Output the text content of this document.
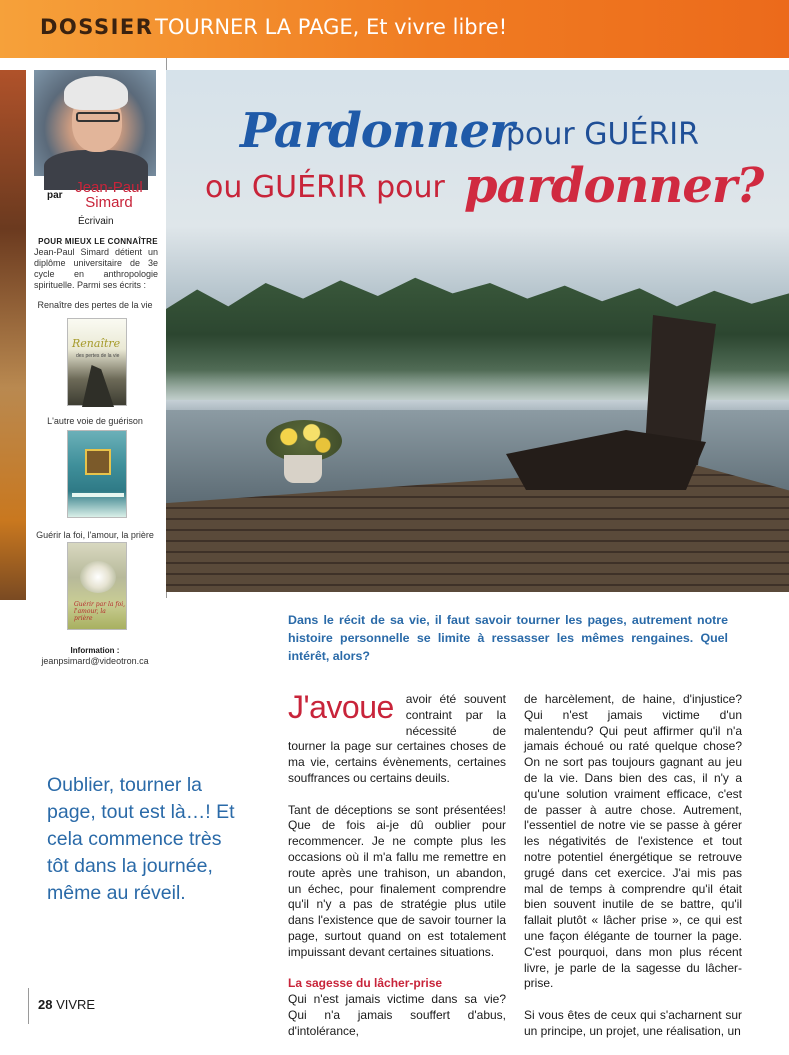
DOSSIER TOURNER LA PAGE, Et vivre libre!
par Jean-Paul Simard
Écrivain
POUR MIEUX LE CONNAÎTRE
Jean-Paul Simard détient un diplôme universitaire de 3e cycle en anthropologie spirituelle. Parmi ses écrits :
Renaître des pertes de la vie
Renaître
des pertes de la vie
L'autre voie de guérison
Guérir la foi, l'amour, la prière
Guérir par la foi, l'amour, la prière
Information :
jeanpsimard@videotron.ca
Pardonner
pour GUÉRIR
ou GUÉRIR pour pardonner?
Dans le récit de sa vie, il faut savoir tourner les pages, autrement notre histoire personnelle se limite à ressasser les mêmes rengaines. Quel intérêt, alors?
Oublier, tourner la page, tout est là…! Et cela commence très tôt dans la journée, même au réveil.

J'avoue avoir été souvent contraint par la nécessité de tourner la page sur certaines choses de ma vie, certains évènements, certaines souffrances ou certains deuils.

Tant de déceptions se sont présentées! Que de fois ai-je dû oublier pour recommencer. Je ne compte plus les occasions où il m'a fallu me remettre en route après une trahison, un abandon, un échec, pour finalement comprendre qu'il n'y a pas de stratégie plus utile dans l'existence que de savoir tourner la page, surtout quand on est totalement impuissant devant certaines situations.

La sagesse du lâcher-prise

Qui n'est jamais victime dans sa vie? Qui n'a jamais souffert d'abus, d'intolérance,

de harcèlement, de haine, d'injustice? Qui n'est jamais victime d'un malentendu? Qui peut affirmer qu'il n'a jamais échoué ou raté quelque chose? On ne sort pas toujours gagnant au jeu de la vie. Dans bien des cas, il n'y a qu'une solution vraiment efficace, c'est de passer à autre chose. Autrement, l'essentiel de notre vie se passe à gérer les négativités de l'existence et tout notre potentiel énergétique se retrouve grugé dans cet exercice. J'ai mis pas mal de temps à comprendre qu'il était bien souvent inutile de se battre, qu'il fallait plutôt « lâcher prise », ce qui est une façon élégante de tourner la page. C'est pourquoi, dans mon plus récent livre, je parle de la sagesse du lâcher-prise.

Si vous êtes de ceux qui s'acharnent sur un principe, un projet, une réalisation, un

28 VIVRE
